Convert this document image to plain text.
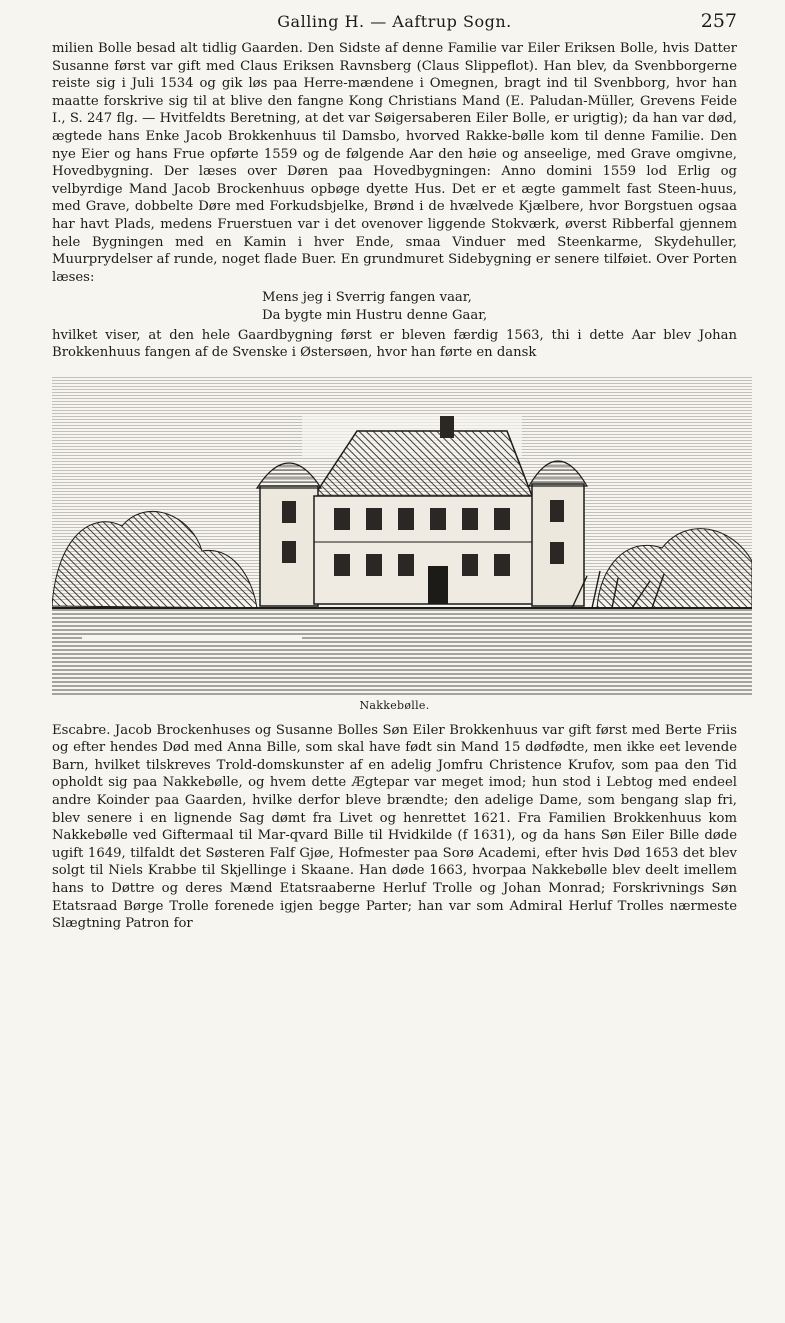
Galling H. — Aaftrup Sogn.	257

milien Bolle besad alt tidlig Gaarden. Den Sidste af denne Familie var Eiler Eriksen Bolle, hvis Datter Susanne først var gift med Claus Eriksen Ravnsberg (Claus Slippeflot). Han blev, da Svenbborgerne reiste sig i Juli 1534 og gik løs paa Herre-mændene i Omegnen, bragt ind til Svenbborg, hvor han maatte forskrive sig til at blive den fangne Kong Christians Mand (E. Paludan-Müller, Grevens Feide I., S. 247 flg. — Hvitfeldts Beretning, at det var Søigersaberen Eiler Bolle, er urigtig); da han var død, ægtede hans Enke Jacob Brokkenhuus til Damsbo, hvorved Rakke-bølle kom til denne Familie. Den nye Eier og hans Frue opførte 1559 og de følgende Aar den høie og anseelige, med Grave omgivne, Hovedbygning. Der læses over Døren paa Hovedbygningen: Anno domini 1559 lod Erlig og velbyrdige Mand Jacob Brockenhuus opbøge dyette Hus. Det er et ægte gammelt fast Steen-huus, med Grave, dobbelte Døre med Forkudsbjelke, Brønd i de hvælvede Kjælbere, hvor Borgstuen ogsaa har havt Plads, medens Fruerstuen var i det ovenover liggende Stokværk, øverst Ribberfal gjennem hele Bygningen med en Kamin i hver Ende, smaa Vinduer med Steenkarme, Skydehuller, Muurprydelser af runde, noget flade Buer. En grundmuret Sidebygning er senere tilføiet. Over Porten læses:

Mens jeg i Sverrig fangen vaar,
Da bygte min Hustru denne Gaar,

hvilket viser, at den hele Gaardbygning først er bleven færdig 1563, thi i dette Aar blev Johan Brokkenhuus fangen af de Svenske i Østersøen, hvor han førte en dansk

Nakkebølle.

Escabre. Jacob Brockenhuses og Susanne Bolles Søn Eiler Brokkenhuus var gift først med Berte Friis og efter hendes Død med Anna Bille, som skal have født sin Mand 15 dødfødte, men ikke eet levende Barn, hvilket tilskreves Trold-domskunster af en adelig Jomfru Christence Krufov, som paa den Tid opholdt sig paa Nakkebølle, og hvem dette Ægtepar var meget imod; hun stod i Lebtog med endeel andre Koinder paa Gaarden, hvilke derfor bleve brændte; den adelige Dame, som bengang slap fri, blev senere i en lignende Sag dømt fra Livet og henrettet 1621. Fra Familien Brokkenhuus kom Nakkebølle ved Giftermaal til Mar-qvard Bille til Hvidkilde (f 1631), og da hans Søn Eiler Bille døde ugift 1649, tilfaldt det Søsteren Falf Gjøe, Hofmester paa Sorø Academi, efter hvis Død 1653 det blev solgt til Niels Krabbe til Skjellinge i Skaane. Han døde 1663, hvorpaa Nakkebølle blev deelt imellem hans to Døttre og deres Mænd Etatsraaberne Herluf Trolle og Johan Monrad; Forskrivnings Søn Etatsraad Børge Trolle forenede igjen begge Parter; han var som Admiral Herluf Trolles nærmeste Slægtning Patron for
